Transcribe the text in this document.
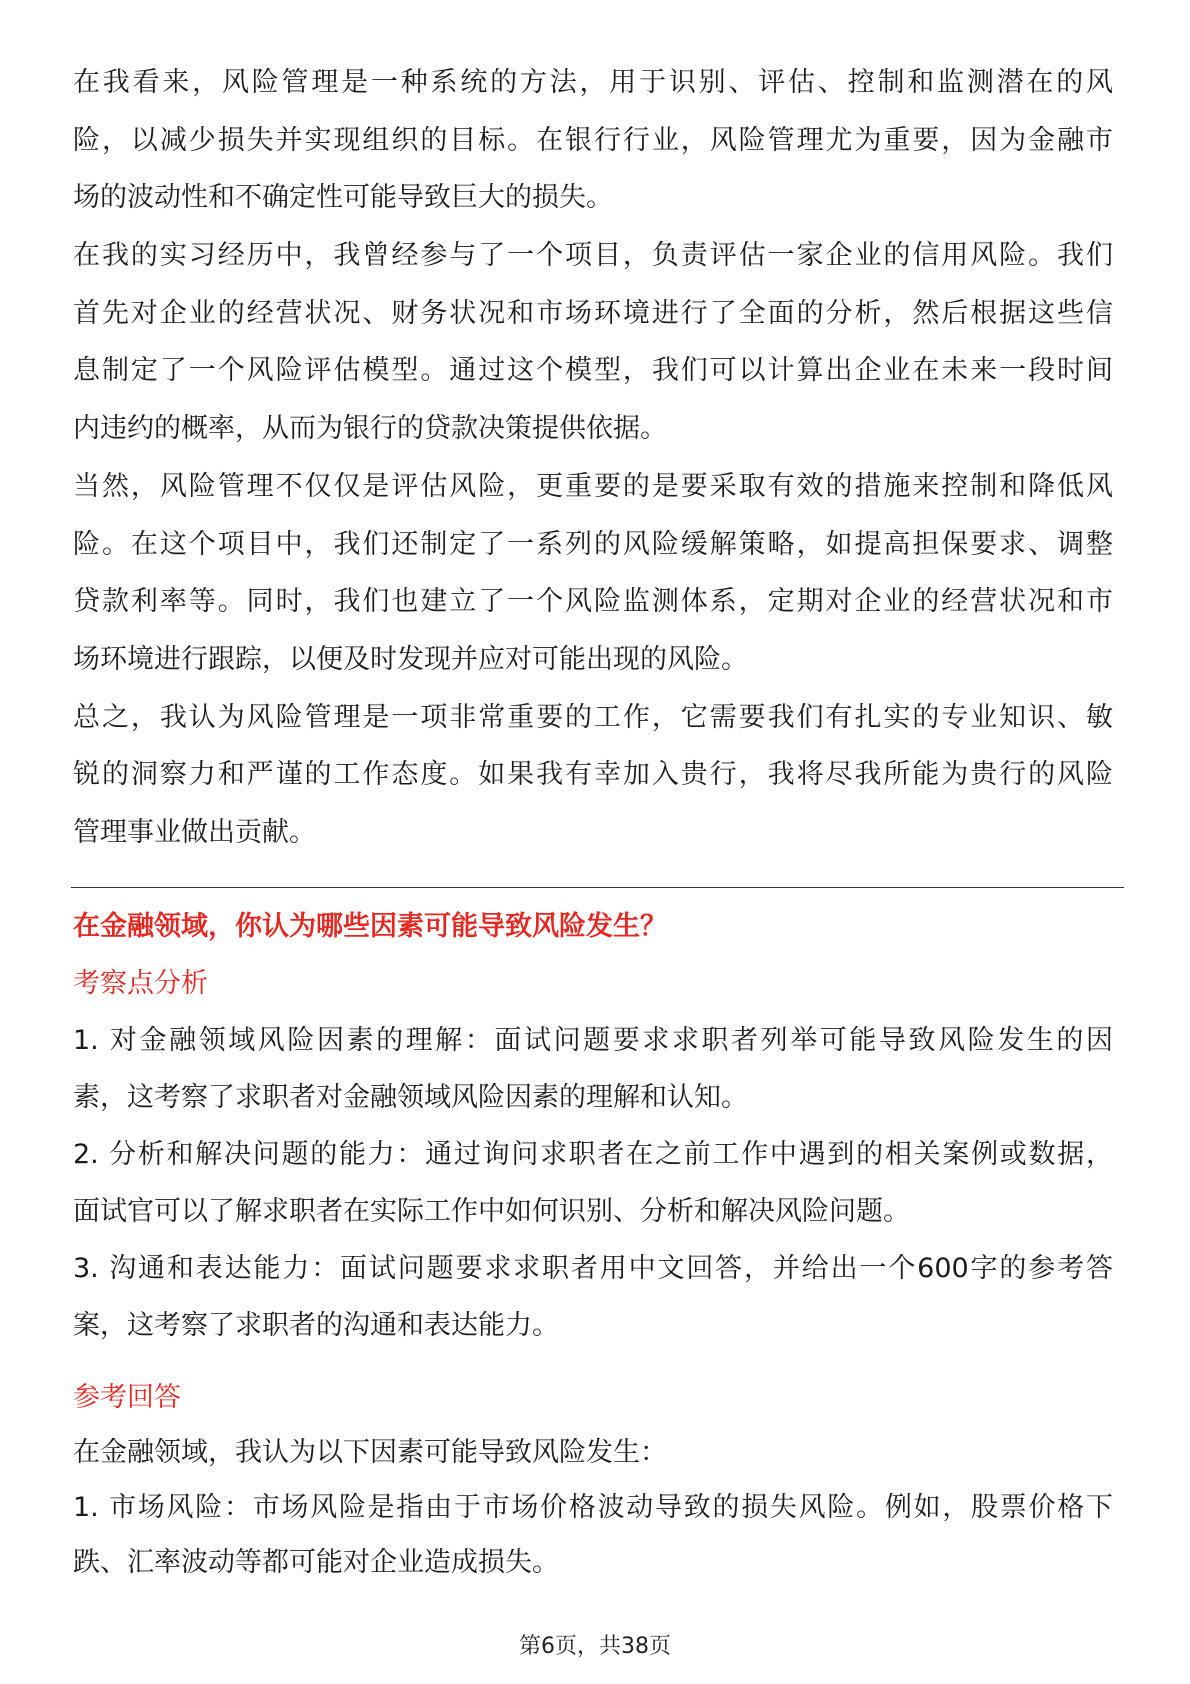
在我看来，风险管理是一种系统的方法，用于识别、评估、控制和监测潜在的风
险，以减少损失并实现组织的目标。在银行行业，风险管理尤为重要，因为金融市
场的波动性和不确定性可能导致巨大的损失。
在我的实习经历中，我曾经参与了一个项目，负责评估一家企业的信用风险。我们
首先对企业的经营状况、财务状况和市场环境进行了全面的分析，然后根据这些信
息制定了一个风险评估模型。通过这个模型，我们可以计算出企业在未来一段时间
内违约的概率，从而为银行的贷款决策提供依据。
当然，风险管理不仅仅是评估风险，更重要的是要采取有效的措施来控制和降低风
险。在这个项目中，我们还制定了一系列的风险缓解策略，如提高担保要求、调整
贷款利率等。同时，我们也建立了一个风险监测体系，定期对企业的经营状况和市
场环境进行跟踪，以便及时发现并应对可能出现的风险。
总之，我认为风险管理是一项非常重要的工作，它需要我们有扎实的专业知识、敏
锐的洞察力和严谨的工作态度。如果我有幸加入贵行，我将尽我所能为贵行的风险
管理事业做出贡献。
在金融领域，你认为哪些因素可能导致风险发生？
考察点分析
1. 对金融领域风险因素的理解：面试问题要求求职者列举可能导致风险发生的因
素，这考察了求职者对金融领域风险因素的理解和认知。
2. 分析和解决问题的能力：通过询问求职者在之前工作中遇到的相关案例或数据，
面试官可以了解求职者在实际工作中如何识别、分析和解决风险问题。
3. 沟通和表达能力：面试问题要求求职者用中文回答，并给出一个600字的参考答
案，这考察了求职者的沟通和表达能力。
参考回答
在金融领域，我认为以下因素可能导致风险发生：
1. 市场风险：市场风险是指由于市场价格波动导致的损失风险。例如，股票价格下
跌、汇率波动等都可能对企业造成损失。
第6页，共38页
